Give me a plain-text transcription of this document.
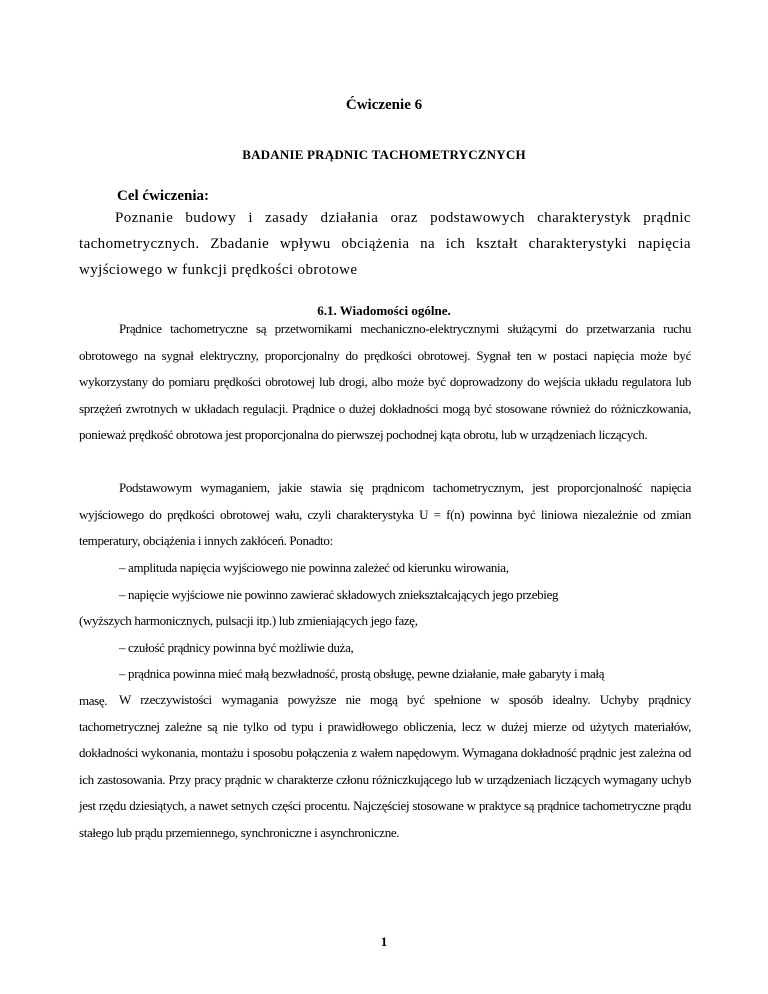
Ćwiczenie 6
BADANIE PRĄDNIC TACHOMETRYCZNYCH
Cel ćwiczenia:
Poznanie budowy i zasady działania oraz podstawowych charakterystyk prądnic tachometrycznych. Zbadanie wpływu obciążenia na ich kształt charakterystyki napięcia wyjściowego w funkcji prędkości obrotowe
6.1. Wiadomości ogólne.
Prądnice tachometryczne są przetwornikami mechaniczno-elektrycznymi służącymi do przetwarzania ruchu obrotowego na sygnał elektryczny, proporcjonalny do prędkości obrotowej. Sygnał ten w postaci napięcia może być wykorzystany do pomiaru prędkości obrotowej lub drogi, albo może być doprowadzony do wejścia układu regulatora lub sprzężeń zwrotnych w układach regulacji. Prądnice o dużej dokładności mogą być stosowane również do różniczkowania, ponieważ prędkość obrotowa jest proporcjonalna do pierwszej pochodnej kąta obrotu, lub w urządzeniach liczących.
Podstawowym wymaganiem, jakie stawia się prądnicom tachometrycznym, jest proporcjonalność napięcia wyjściowego do prędkości obrotowej wału, czyli charakterystyka U = f(n) powinna być liniowa niezależnie od zmian temperatury, obciążenia i innych zakłóceń. Ponadto:
– amplituda napięcia wyjściowego nie powinna zależeć od kierunku wirowania,
– napięcie wyjściowe nie powinno zawierać składowych zniekształcających jego przebieg
(wyższych harmonicznych, pulsacji itp.) lub zmieniających jego fazę,
– czułość prądnicy powinna być możliwie duża,
– prądnica powinna mieć małą bezwładność, prostą obsługę, pewne działanie, małe gabaryty i małą
masę. W rzeczywistości wymagania powyższe nie mogą być spełnione w sposób idealny. Uchyby prądnicy tachometrycznej zależne są nie tylko od typu i prawidłowego obliczenia, lecz w dużej mierze od użytych materiałów, dokładności wykonania, montażu i sposobu połączenia z wałem napędowym. Wymagana dokładność prądnic jest zależna od ich zastosowania. Przy pracy prądnic w charakterze członu różniczkującego lub w urządzeniach liczących wymagany uchyb jest rzędu dziesiątych, a nawet setnych części procentu. Najczęściej stosowane w praktyce są prądnice tachometryczne prądu stałego lub prądu przemiennego, synchroniczne i asynchroniczne.
1
